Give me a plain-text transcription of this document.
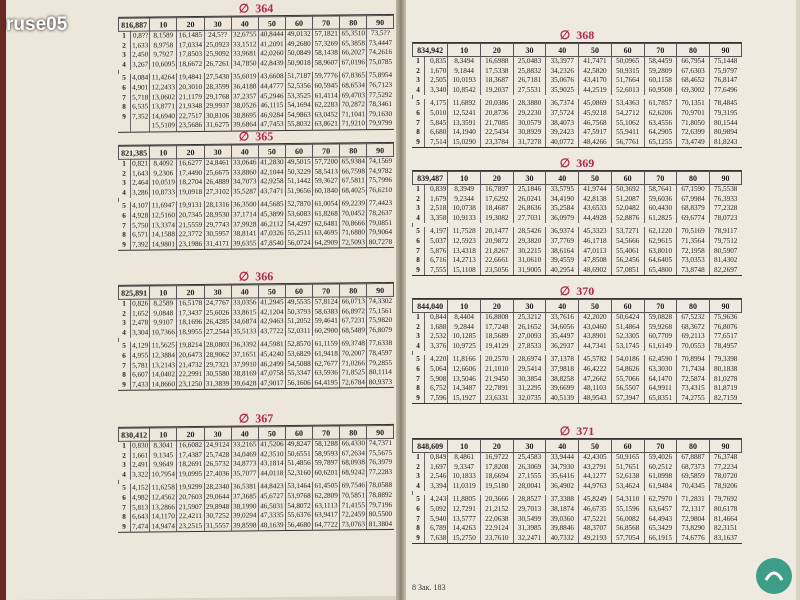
∅ 364
816,887		10	20	30	40	50	60	70	80	90
1	0,8??	8,1589	16,1485	24,5??	32,6755	40,8444	49,0132	57,1821	65,3510	73,5??
2	1,633	8,9758	17,0334	25,0923	33,1512	41,2091	49,2680	57,3269	65,3858	73,4447
3	2,450	9,7927	17,8503	25,9092	33,9681	42,0260	50,0849	58,1438	66,2027	74,2616
4	3,267	10,6095	18,6672	26,7261	34,7850	42,8439	50,9018	58,9607	67,0196	75,0785

5	4,084	11,4264	19,4841	27,5430	35,6019	43,6608	51,7187	59,7776	67,8365	75,8954
6	4,901	12,2433	20,3010	28,3599	36,4188	44,4777	52,5356	60,5945	68,6534	76,7123
7	5,718	13,0602	21,1179	29,1768	37,2357	45,2946	53,3525	61,4114	69,4703	77,5292
8	6,535	13,8771	21,9348	29,9937	38,0526	46,1115	54,1694	62,2283	70,2872	78,3461
9	7,352	14,6940	22,7517	30,8106	38,8695	46,9284	54,9863	63,0452	71,1041	79,1630
		15,5109	23,5686	31,6275	39,6864	47,7453	55,8032	63,8621	71,9210	79,9799
∅ 365
821,385		10	20	30	40	50	60	70	80	90
1	0,821	8,4092	16,6277	24,8461	33,0646	41,2830	49,5015	57,7200	65,9384	74,1569
2	1,643	9,2306	17,4490	25,6675	33,8860	42,1044	50,3229	58,5413	66,7598	74,9782
3	2,464	10,0519	18,2704	26,4889	34,7073	42,9258	51,1442	59,3627	67,5811	75,7996
4	3,286	10,8733	19,0918	27,3102	35,5287	43,7471	51,9656	60,1840	68,4025	76,6210

5	4,107	11,6947	19,9131	28,1316	36,3500	44,5685	52,7870	61,0054	69,2239	77,4423
6	4,928	12,5160	20,7345	28,9530	37,1714	45,3899	53,6083	61,8268	70,0452	78,2637
7	5,750	13,3374	21,5559	29,7743	37,9928	46,2112	54,4297	62,6481	70,8666	79,0851
8	6,571	14,1588	22,3772	30,5957	38,8141	47,0326	55,2511	63,4695	71,6880	79,9064
9	7,392	14,9801	23,1986	31,4171	39,6355	47,8540	56,0724	64,2909	72,5093	80,7278
∅ 366
825,891		10	20	30	40	50	60	70	80	90
1	0,826	8,2589	16,5178	24,7767	33,0356	41,2945	49,5535	57,8124	66,0713	74,3302
2	1,652	9,0848	17,3437	25,6026	33,8615	42,1204	50,3793	58,6383	66,8972	75,1561
3	2,478	9,9107	18,1696	26,4285	34,6874	42,9463	51,2052	59,4641	67,7231	75,9820
4	3,304	10,7366	18,9955	27,2544	35,5133	43,7722	52,0311	60,2900	68,5489	76,8079

5	4,129	11,5625	19,8214	28,0803	36,3392	44,5981	52,8570	61,1159	69,3748	77,6338
6	4,955	12,3884	20,6473	28,9062	37,1651	45,4240	53,6829	61,9418	70,2007	78,4597
7	5,781	13,2143	21,4732	29,7321	37,9910	46,2499	54,5088	62,7677	71,0266	79,2855
8	6,607	14,0402	22,2991	30,5580	38,8169	47,0758	55,3347	63,5936	71,8525	80,1114
9	7,433	14,8660	23,1250	31,3839	39,6428	47,9017	56,1606	64,4195	72,6784	80,9373
∅ 367
830,412		10	20	30	40	50	60	70	80	90
1	0,830	8,3041	16,6082	24,9124	33,2165	41,5206	49,8247	58,1288	66,4330	74,7371
2	1,661	9,1345	17,4387	25,7428	34,0469	42,3510	50,6551	58,9593	67,2634	75,5675
3	2,491	9,9649	18,2691	26,5732	34,8773	43,1814	51,4856	59,7897	68,0938	76,3979
4	3,322	10,7954	19,0995	27,4036	35,7077	44,0118	52,3160	60,6201	68,9242	77,2283

5	4,152	11,6258	19,9299	28,2340	36,5381	44,8423	53,1464	61,4505	69,7546	78,0588
6	4,982	12,4562	20,7603	29,0644	37,3685	45,6727	53,9768	62,2809	70,5851	78,8892
7	5,813	13,2866	21,5907	29,8948	38,1990	46,5031	54,8072	63,1113	71,4155	79,7196
8	6,643	14,1170	22,4211	30,7252	39,0294	47,3335	55,6376	63,9417	72,2459	80,5500
9	7,474	14,9474	23,2515	31,5557	39,8598	48,1639	56,4680	64,7722	73,0763	81,3804
∅ 368
834,942		10	20	30	40	50	60	70	80	90
1	0,835	8,3494	16,6988	25,0483	33,3977	41,7471	50,0965	58,4459	66,7954	75,1448
2	1,670	9,1844	17,5338	25,8832	34,2326	42,5820	50,9315	59,2809	67,6303	75,9797
3	2,505	10,0193	18,3687	26,7181	35,0676	43,4170	51,7664	60,1158	68,4652	76,8147
4	3,340	10,8542	19,2037	27,5531	35,9025	44,2519	52,6013	60,9508	69,3002	77,6496

5	4,175	11,6892	20,0386	28,3880	36,7374	45,0869	53,4363	61,7857	70,1351	78,4845
6	5,010	12,5241	20,8736	29,2230	37,5724	45,9218	54,2712	62,6206	70,9701	79,3195
7	5,845	13,3591	21,7085	30,0579	38,4073	46,7568	55,1062	63,4556	71,8050	80,1544
8	6,680	14,1940	22,5434	30,8929	39,2423	47,5917	55,9411	64,2905	72,6399	80,9894
9	7,514	15,0290	23,3784	31,7278	40,0772	48,4266	56,7761	65,1255	73,4749	81,8243
∅ 369
839,487		10	20	30	40	50	60	70	80	90
1	0,839	8,3949	16,7897	25,1846	33,5795	41,9744	50,3692	58,7641	67,1590	75,5538
2	1,679	9,2344	17,6292	26,0241	34,4190	42,8138	51,2087	59,6036	67,9984	76,3933
3	2,518	10,0738	18,4687	26,8636	35,2584	43,6533	52,0482	60,4430	68,8379	77,2328
4	3,358	10,9133	19,3082	27,7031	36,0979	44,4928	52,8876	61,2825	69,6774	78,0723

5	4,197	11,7528	20,1477	28,5426	36,9374	45,3323	53,7271	62,1220	70,5169	78,9117
6	5,037	12,5923	20,9872	29,3820	37,7769	46,1718	54,5666	62,9615	71,3564	79,7512
7	5,876	13,4318	21,8267	30,2215	38,6164	47,0113	55,4061	63,8010	72,1958	80,5907
8	6,716	14,2713	22,6661	31,0610	39,4559	47,8508	56,2456	64,6405	73,0353	81,4302
9	7,555	15,1108	23,5056	31,9005	40,2954	48,6902	57,0851	65,4800	73,8748	82,2697
∅ 370
844,040		10	20	30	40	50	60	70	80	90
1	0,844	8,4404	16,8808	25,3212	33,7616	42,2020	50,6424	59,0828	67,5232	75,9636
2	1,688	9,2844	17,7248	26,1652	34,6056	43,0460	51,4864	59,9268	68,3672	76,8076
3	2,532	10,1285	18,5689	27,0093	35,4497	43,8901	52,3305	60,7709	69,2113	77,6517
4	3,376	10,9725	19,4129	27,8533	36,2937	44,7341	53,1745	61,6149	70,0553	78,4957

5	4,220	11,8166	20,2570	28,6974	37,1378	45,5782	54,0186	62,4590	70,8994	79,3398
6	5,064	12,6606	21,1010	29,5414	37,9818	46,4222	54,8626	63,3030	71,7434	80,1838
7	5,908	13,5046	21,9450	30,3854	38,8258	47,2662	55,7066	64,1470	72,5874	81,0278
8	6,752	14,3487	22,7891	31,2295	39,6699	48,1103	56,5507	64,9911	73,4315	81,8719
9	7,596	15,1927	23,6331	32,0735	40,5139	48,9543	57,3947	65,8351	74,2755	82,7159
∅ 371
848,609		10	20	30	40	50	60	70	80	90
1	0,849	8,4861	16,9722	25,4583	33,9444	42,4305	50,9165	59,4026	67,8887	76,3748
2	1,697	9,3347	17,8208	26,3069	34,7930	43,2791	51,7651	60,2512	68,7373	77,2234
3	2,546	10,1833	18,6694	27,1555	35,6416	44,1277	52,6138	61,0998	69,5859	78,0720
4	3,394	11,0319	19,5180	28,0041	36,4902	44,9763	53,4624	61,9484	70,4345	78,9206

5	4,243	11,8805	20,3666	28,8527	37,3388	45,8249	54,3110	62,7970	71,2831	79,7692
6	5,092	12,7291	21,2152	29,7013	38,1874	46,6735	55,1596	63,6457	72,1317	80,6178
7	5,940	13,5777	22,0638	30,5499	39,0360	47,5221	56,0082	64,4943	72,9804	81,4664
8	6,789	14,4263	22,9124	31,3985	39,8846	48,3707	56,8568	65,3429	73,8290	82,3151
9	7,638	15,2750	23,7610	32,2471	40,7332	49,2193	57,7054	66,1915	74,6776	83,1637
8 Зак. 183
ruse05
